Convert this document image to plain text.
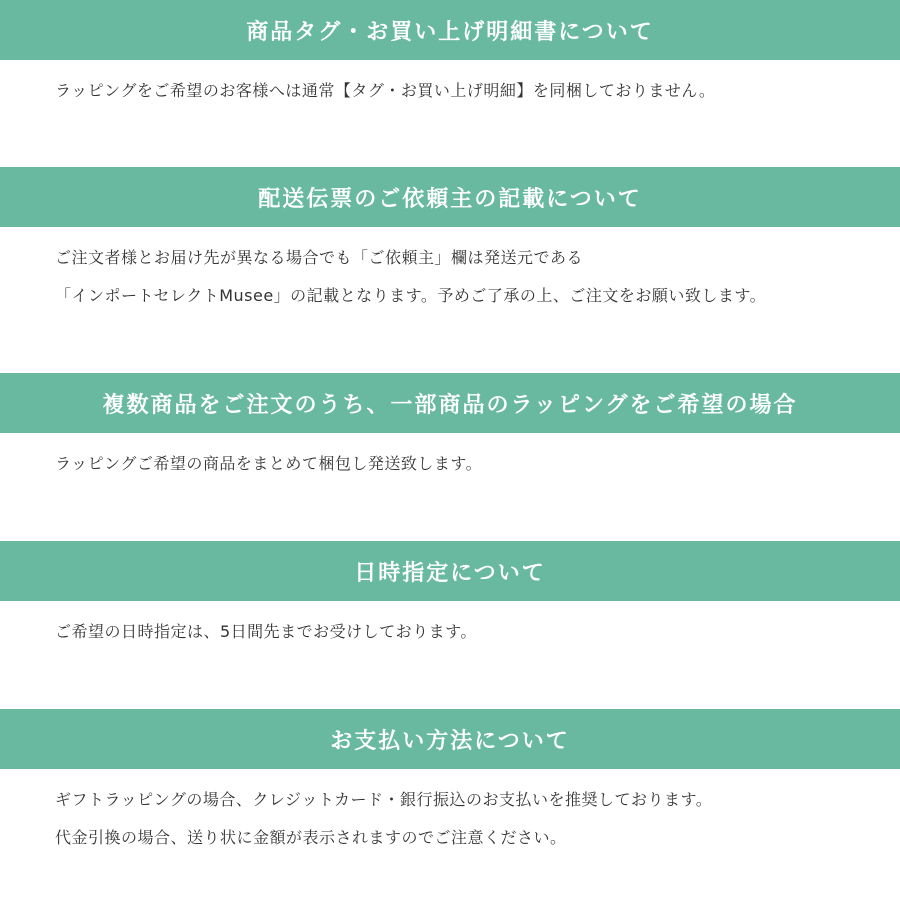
商品タグ・お買い上げ明細書について
ラッピングをご希望のお客様へは通常【タグ・お買い上げ明細】を同梱しておりません。
配送伝票のご依頼主の記載について
ご注文者様とお届け先が異なる場合でも「ご依頼主」欄は発送元である
「インポートセレクトMusee」の記載となります。予めご了承の上、ご注文をお願い致します。
複数商品をご注文のうち、一部商品のラッピングをご希望の場合
ラッピングご希望の商品をまとめて梱包し発送致します。
日時指定について
ご希望の日時指定は、5日間先までお受けしております。
お支払い方法について
ギフトラッピングの場合、クレジットカード・銀行振込のお支払いを推奨しております。
代金引換の場合、送り状に金額が表示されますのでご注意ください。
